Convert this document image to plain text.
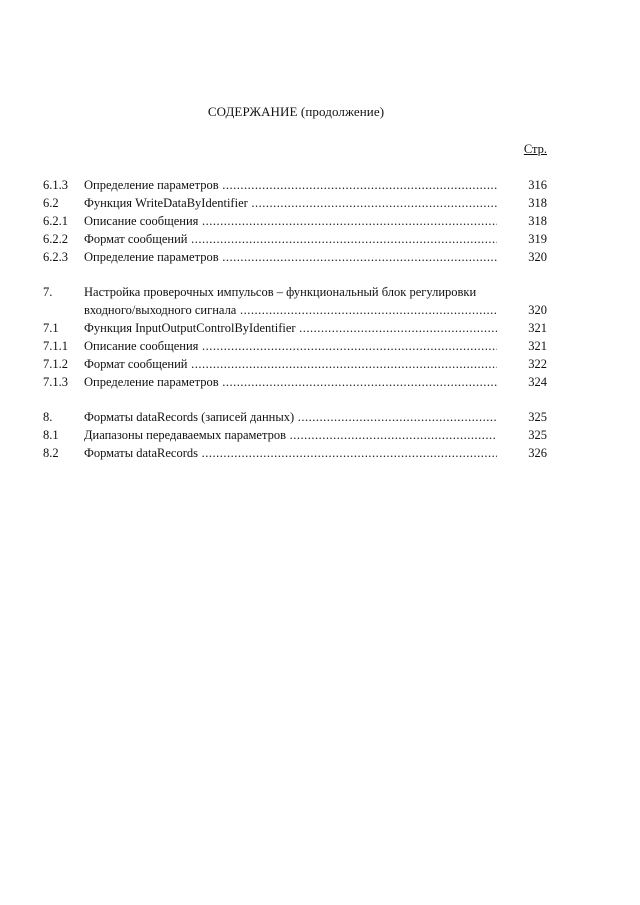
СОДЕРЖАНИЕ (продолжение)
Стр.
6.1.3	Определение параметров .....	316
6.2	Функция WriteDataByIdentifier .....	318
6.2.1	Описание сообщения .....	318
6.2.2	Формат сообщений .....	319
6.2.3	Определение параметров .....	320
7.	Настройка проверочных импульсов – функциональный блок регулировки
входного/выходного сигнала .....	320
7.1	Функция InputOutputControlByIdentifier .....	321
7.1.1	Описание сообщения .....	321
7.1.2	Формат сообщений .....	322
7.1.3	Определение параметров .....	324
8.	Форматы dataRecords (записей данных) .....	325
8.1	Диапазоны передаваемых параметров .....	325
8.2	Форматы dataRecords .....	326
